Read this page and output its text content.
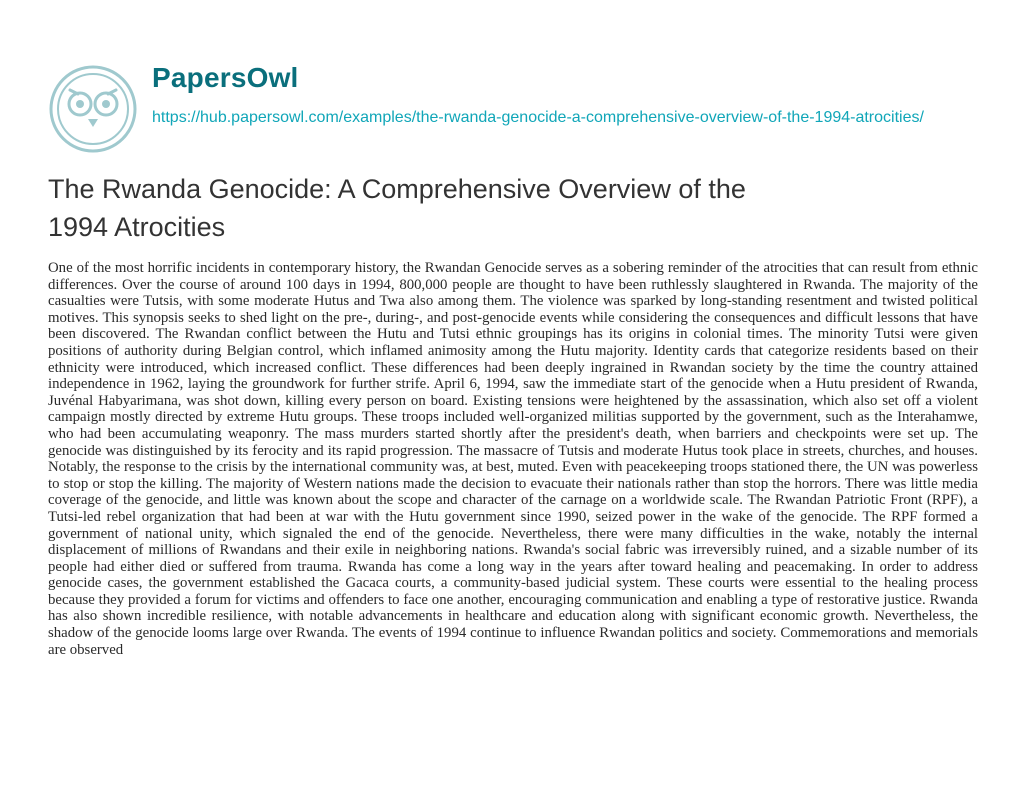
PapersOwl
https://hub.papersowl.com/examples/the-rwanda-genocide-a-comprehensive-overview-of-the-1994-atrocities/
The Rwanda Genocide: A Comprehensive Overview of the 1994 Atrocities

One of the most horrific incidents in contemporary history, the Rwandan Genocide serves as a sobering reminder of the atrocities that can result from ethnic differences. Over the course of around 100 days in 1994, 800,000 people are thought to have been ruthlessly slaughtered in Rwanda. The majority of the casualties were Tutsis, with some moderate Hutus and Twa also among them. The violence was sparked by long-standing resentment and twisted political motives. This synopsis seeks to shed light on the pre-, during-, and post-genocide events while considering the consequences and difficult lessons that have been discovered. The Rwandan conflict between the Hutu and Tutsi ethnic groupings has its origins in colonial times. The minority Tutsi were given positions of authority during Belgian control, which inflamed animosity among the Hutu majority. Identity cards that categorize residents based on their ethnicity were introduced, which increased conflict. These differences had been deeply ingrained in Rwandan society by the time the country attained independence in 1962, laying the groundwork for further strife. April 6, 1994, saw the immediate start of the genocide when a Hutu president of Rwanda, Juvénal Habyarimana, was shot down, killing every person on board. Existing tensions were heightened by the assassination, which also set off a violent campaign mostly directed by extreme Hutu groups. These troops included well-organized militias supported by the government, such as the Interahamwe, who had been accumulating weaponry. The mass murders started shortly after the president's death, when barriers and checkpoints were set up. The genocide was distinguished by its ferocity and its rapid progression. The massacre of Tutsis and moderate Hutus took place in streets, churches, and houses. Notably, the response to the crisis by the international community was, at best, muted. Even with peacekeeping troops stationed there, the UN was powerless to stop or stop the killing. The majority of Western nations made the decision to evacuate their nationals rather than stop the horrors. There was little media coverage of the genocide, and little was known about the scope and character of the carnage on a worldwide scale. The Rwandan Patriotic Front (RPF), a Tutsi-led rebel organization that had been at war with the Hutu government since 1990, seized power in the wake of the genocide. The RPF formed a government of national unity, which signaled the end of the genocide. Nevertheless, there were many difficulties in the wake, notably the internal displacement of millions of Rwandans and their exile in neighboring nations. Rwanda's social fabric was irreversibly ruined, and a sizable number of its people had either died or suffered from trauma. Rwanda has come a long way in the years after toward healing and peacemaking. In order to address genocide cases, the government established the Gacaca courts, a community-based judicial system. These courts were essential to the healing process because they provided a forum for victims and offenders to face one another, encouraging communication and enabling a type of restorative justice. Rwanda has also shown incredible resilience, with notable advancements in healthcare and education along with significant economic growth. Nevertheless, the shadow of the genocide looms large over Rwanda. The events of 1994 continue to influence Rwandan politics and society. Commemorations and memorials are observed
